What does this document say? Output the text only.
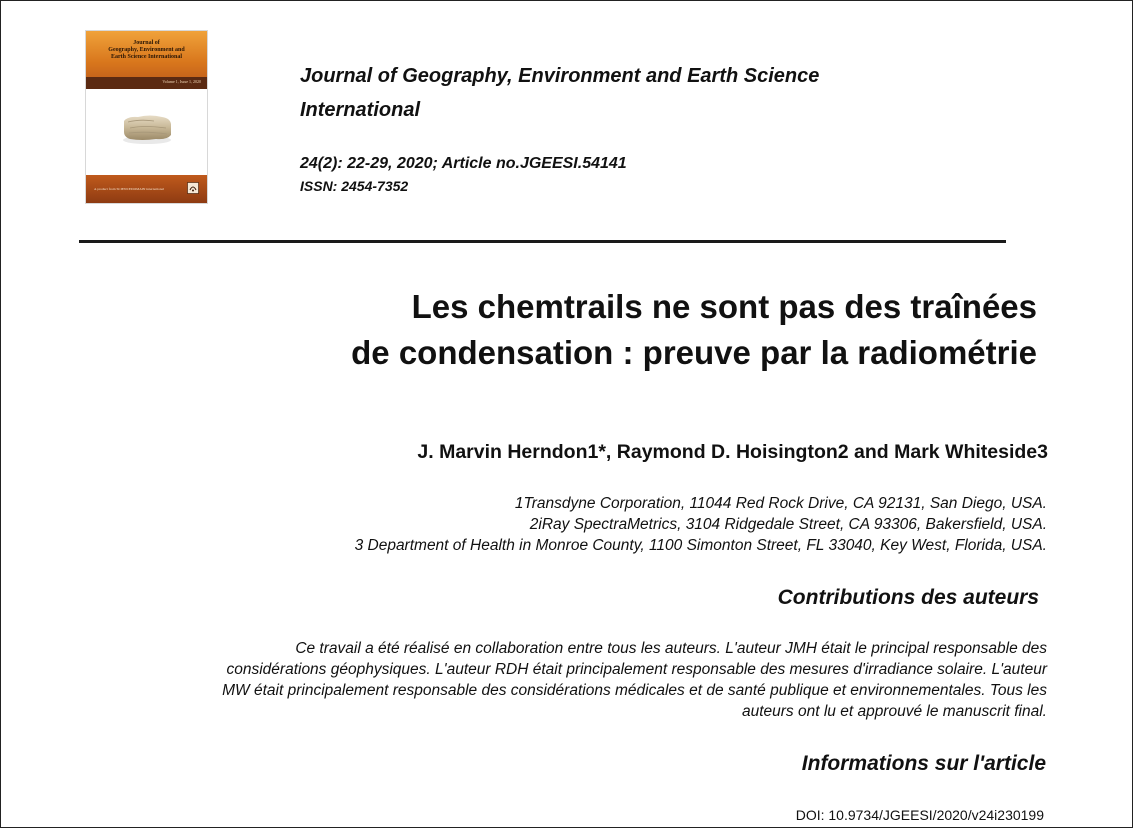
Journal of
Geography, Environment and
Earth Science International
Volume 1, Issue 1, 2020
A product from SCIENCEDOMAIN international
Journal of Geography, Environment and Earth Science
International
24(2): 22-29, 2020; Article no.JGEESI.54141
ISSN: 2454-7352
Les chemtrails ne sont pas des traînées
de condensation : preuve par la radiométrie
J. Marvin Herndon1*, Raymond D. Hoisington2 and Mark Whiteside3
1Transdyne Corporation, 11044 Red Rock Drive, CA 92131, San Diego, USA.
2iRay SpectraMetrics, 3104 Ridgedale Street, CA 93306, Bakersfield, USA.
3 Department of Health in Monroe County, 1100 Simonton Street, FL 33040, Key West, Florida, USA.
Contributions des auteurs
Ce travail a été réalisé en collaboration entre tous les auteurs. L'auteur JMH était le principal responsable des
considérations géophysiques. L'auteur RDH était principalement responsable des mesures d'irradiance solaire. L'auteur
MW était principalement responsable des considérations médicales et de santé publique et environnementales. Tous les
auteurs ont lu et approuvé le manuscrit final.
Informations sur l'article
DOI: 10.9734/JGEESI/2020/v24i230199
